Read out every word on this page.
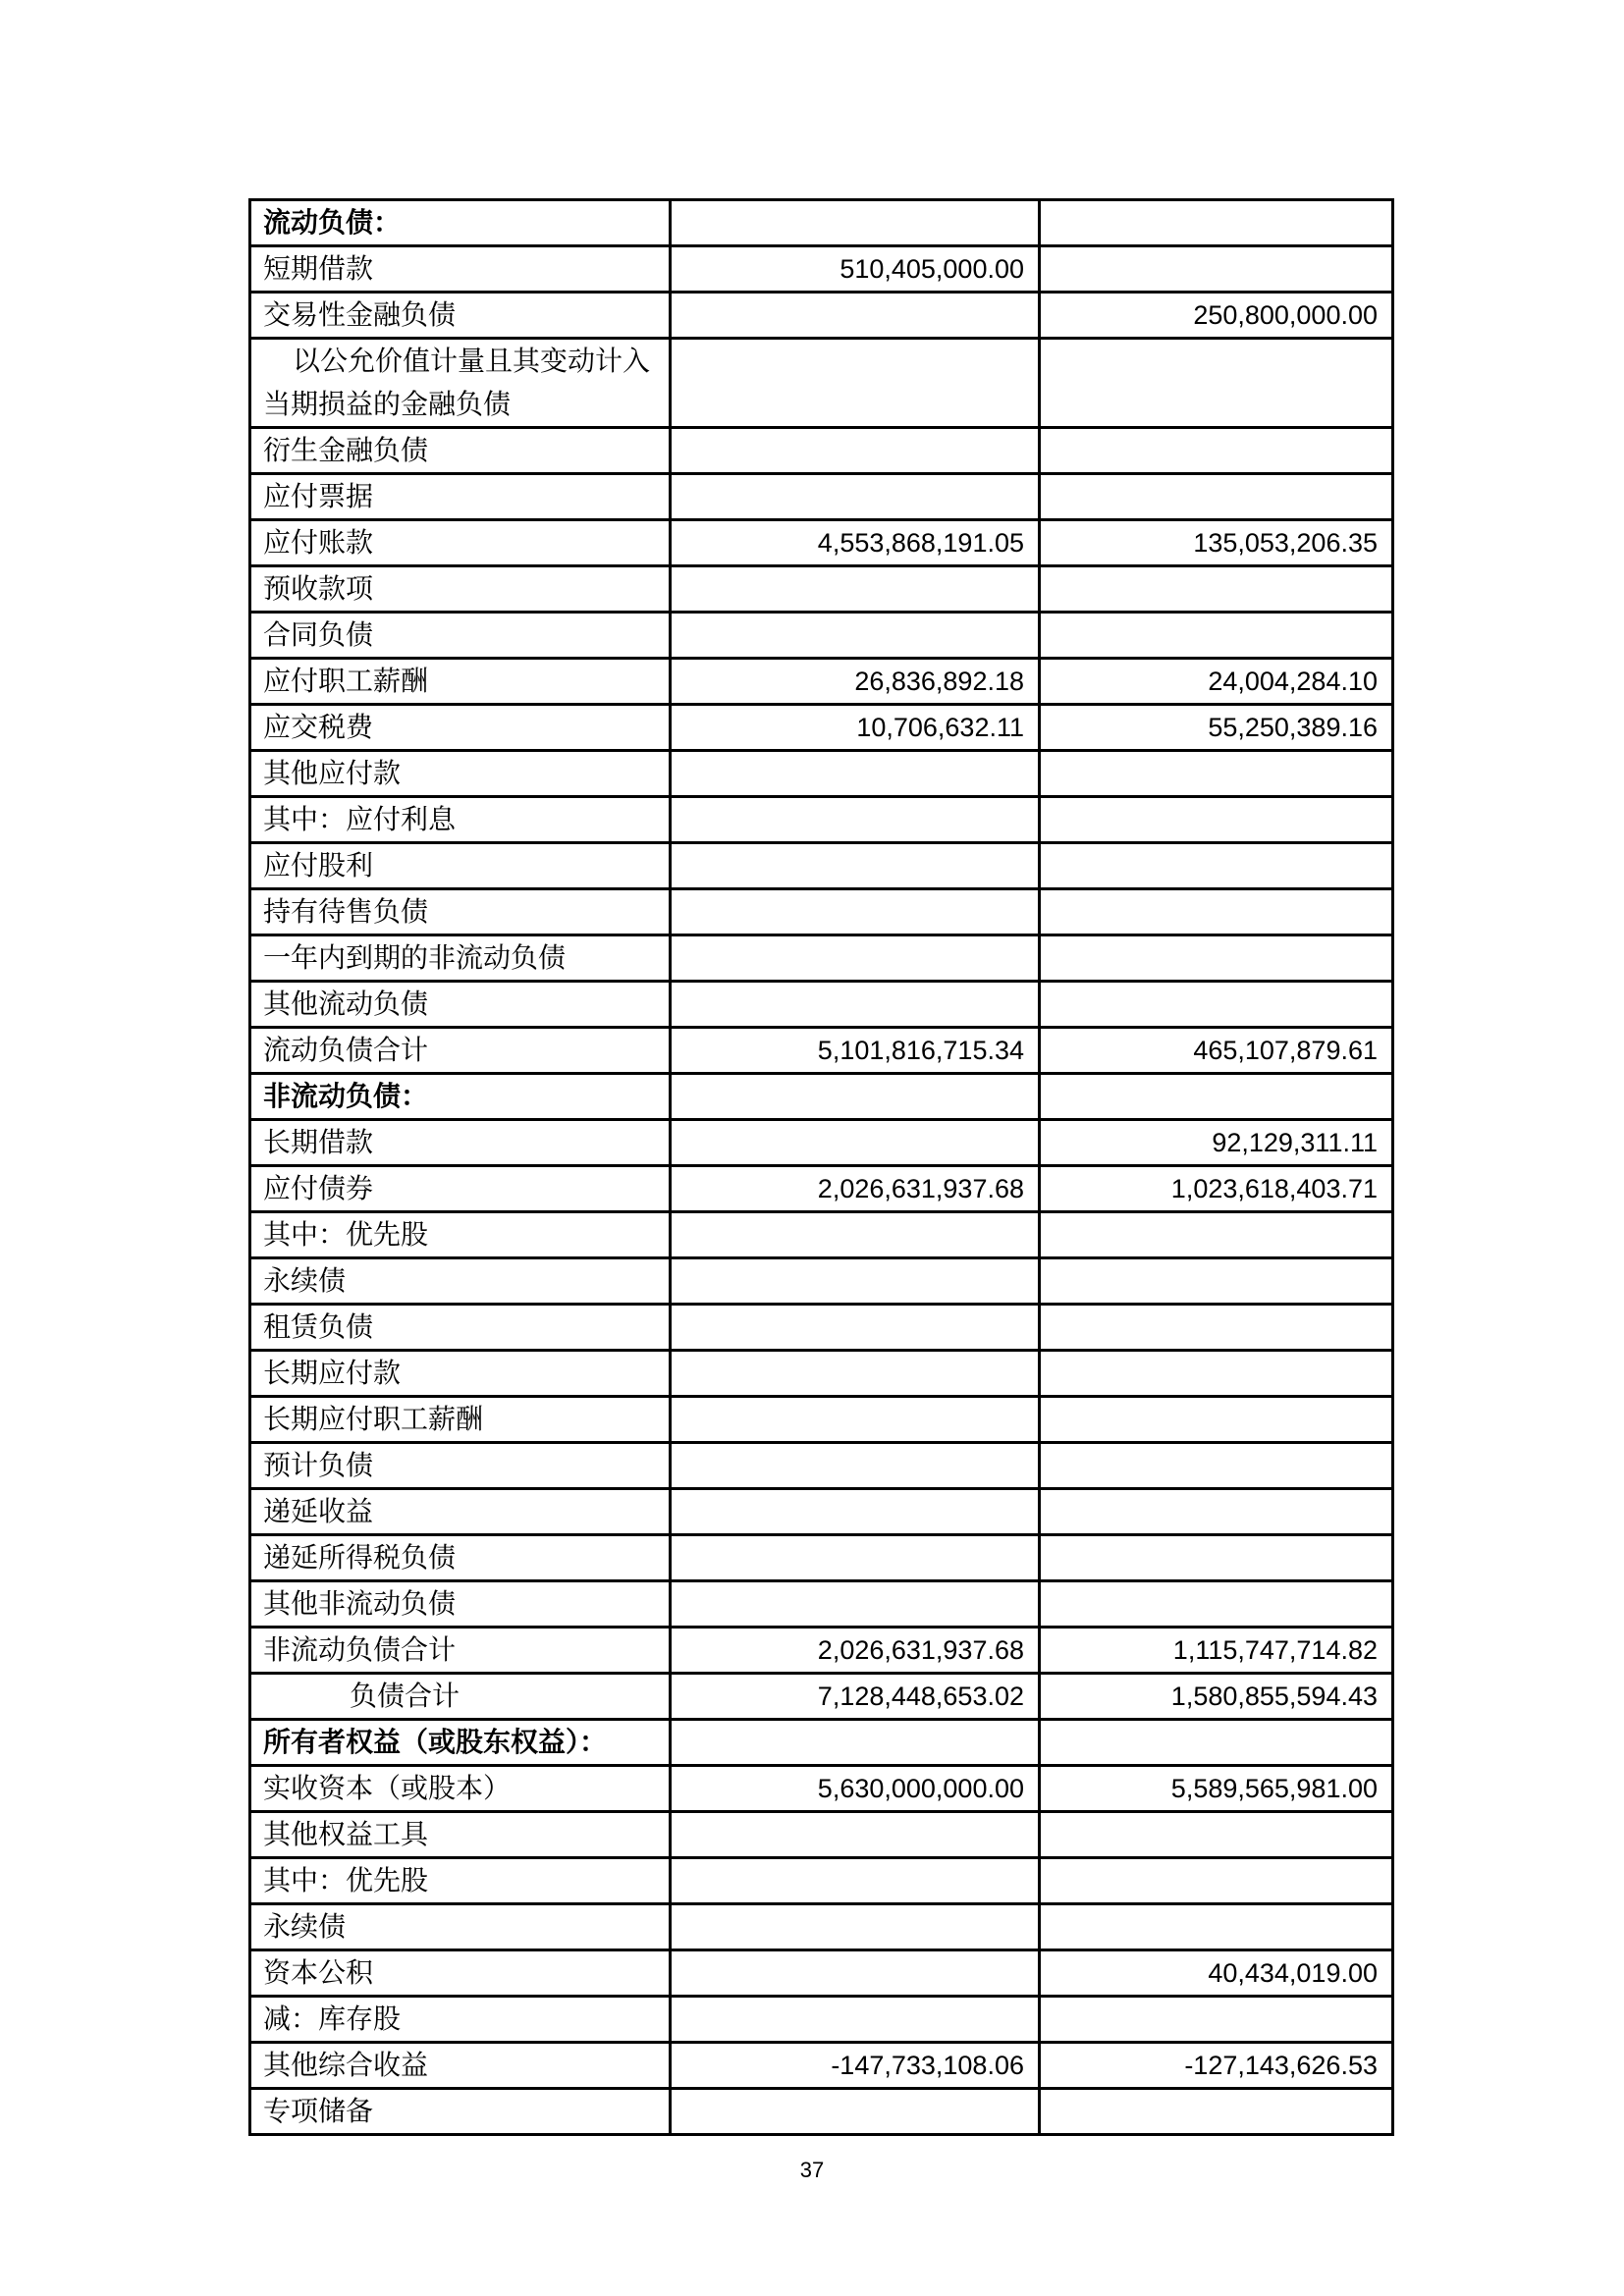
流动负债：		
短期借款	510,405,000.00	
交易性金融负债		250,800,000.00
以公允价值计量且其变动计入当期损益的金融负债		
衍生金融负债		
应付票据		
应付账款	4,553,868,191.05	135,053,206.35
预收款项		
合同负债		
应付职工薪酬	26,836,892.18	24,004,284.10
应交税费	10,706,632.11	55,250,389.16
其他应付款		
其中：应付利息		
应付股利		
持有待售负债		
一年内到期的非流动负债		
其他流动负债		
流动负债合计	5,101,816,715.34	465,107,879.61
非流动负债：		
长期借款		92,129,311.11
应付债券	2,026,631,937.68	1,023,618,403.71
其中：优先股		
永续债		
租赁负债		
长期应付款		
长期应付职工薪酬		
预计负债		
递延收益		
递延所得税负债		
其他非流动负债		
非流动负债合计	2,026,631,937.68	1,115,747,714.82
负债合计	7,128,448,653.02	1,580,855,594.43
所有者权益（或股东权益）：		
实收资本（或股本）	5,630,000,000.00	5,589,565,981.00
其他权益工具		
其中：优先股		
永续债		
资本公积		40,434,019.00
减：库存股		
其他综合收益	-147,733,108.06	-127,143,626.53
专项储备		
37
